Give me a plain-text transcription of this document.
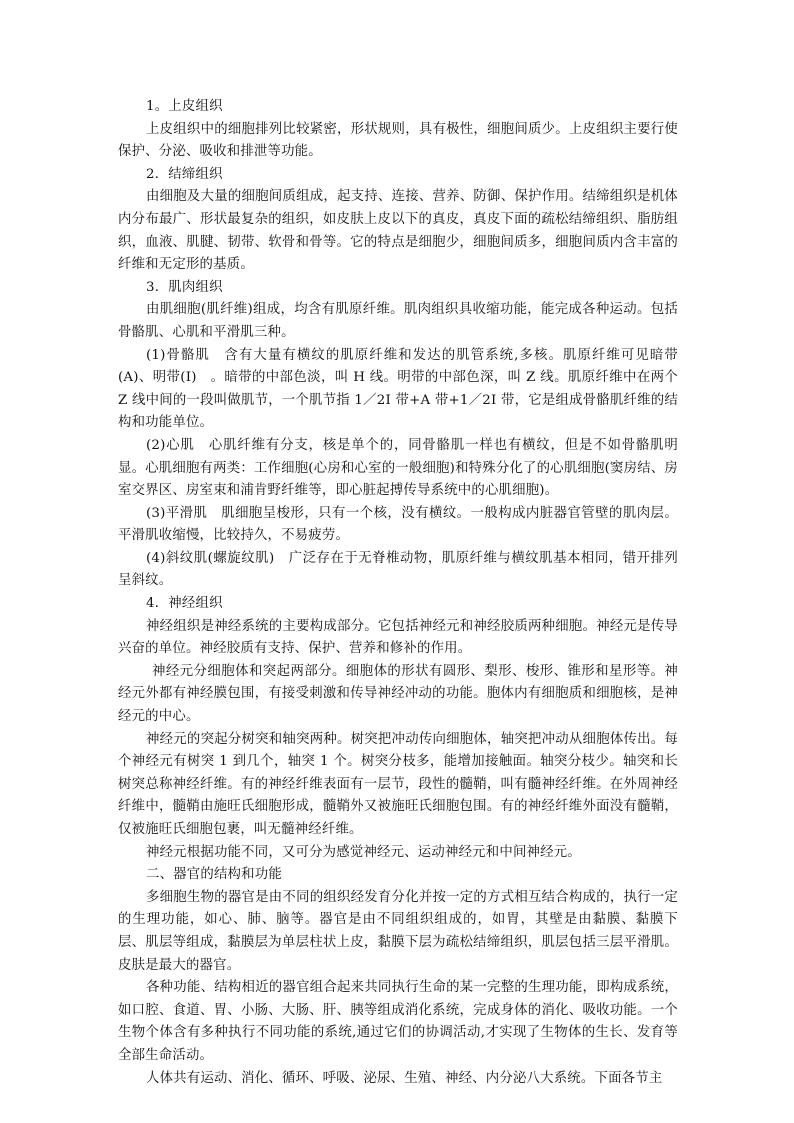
1。上皮组织

上皮组织中的细胞排列比较紧密，形状规则，具有极性，细胞间质少。上皮组织主要行使保护、分泌、吸收和排泄等功能。

2．结缔组织

由细胞及大量的细胞间质组成，起支持、连接、营养、防御、保护作用。结缔组织是机体内分布最广、形状最复杂的组织，如皮肤上皮以下的真皮，真皮下面的疏松结缔组织、脂肪组织，血液、肌腱、韧带、软骨和骨等。它的特点是细胞少，细胞间质多，细胞间质内含丰富的纤维和无定形的基质。

3．肌肉组织

由肌细胞(肌纤维)组成，均含有肌原纤维。肌肉组织具收缩功能，能完成各种运动。包括骨骼肌、心肌和平滑肌三种。

(1)骨骼肌　含有大量有横纹的肌原纤维和发达的肌管系统,多核。肌原纤维可见暗带(A)、明带(I)　。暗带的中部色淡，叫 H 线。明带的中部色深，叫 Z 线。肌原纤维中在两个 Z 线中间的一段叫做肌节，一个肌节指 1／2I 带+A 带+1／2I 带，它是组成骨骼肌纤维的结构和功能单位。

(2)心肌　心肌纤维有分支，核是单个的，同骨骼肌一样也有横纹，但是不如骨骼肌明显。心肌细胞有两类：工作细胞(心房和心室的一般细胞)和特殊分化了的心肌细胞(窦房结、房室交界区、房室束和浦肯野纤维等，即心脏起搏传导系统中的心肌细胞)。

(3)平滑肌　肌细胞呈梭形，只有一个核，没有横纹。一般构成内脏器官管壁的肌肉层。平滑肌收缩慢，比较持久，不易疲劳。

(4)斜纹肌(螺旋纹肌)　广泛存在于无脊椎动物，肌原纤维与横纹肌基本相同，错开排列呈斜纹。

4．神经组织

神经组织是神经系统的主要构成部分。它包括神经元和神经胶质两种细胞。神经元是传导兴奋的单位。神经胶质有支持、保护、营养和修补的作用。

神经元分细胞体和突起两部分。细胞体的形状有圆形、梨形、梭形、锥形和星形等。神经元外都有神经膜包围，有接受刺激和传导神经冲动的功能。胞体内有细胞质和细胞核，是神经元的中心。

神经元的突起分树突和轴突两种。树突把冲动传向细胞体，轴突把冲动从细胞体传出。每个神经元有树突 1 到几个，轴突 1 个。树突分枝多，能增加接触面。轴突分枝少。轴突和长树突总称神经纤维。有的神经纤维表面有一层节，段性的髓鞘，叫有髓神经纤维。在外周神经纤维中，髓鞘由施旺氏细胞形成，髓鞘外又被施旺氏细胞包围。有的神经纤维外面没有髓鞘，仅被施旺氏细胞包裹，叫无髓神经纤维。

神经元根据功能不同，又可分为感觉神经元、运动神经元和中间神经元。

二、器官的结构和功能

多细胞生物的器官是由不同的组织经发育分化并按一定的方式相互结合构成的，执行一定的生理功能，如心、肺、脑等。器官是由不同组织组成的，如胃，其壁是由黏膜、黏膜下　层、肌层等组成，黏膜层为单层柱状上皮，黏膜下层为疏松结缔组织，肌层包括三层平滑肌。皮肤是最大的器官。

各种功能、结构相近的器官组合起来共同执行生命的某一完整的生理功能，即构成系统，如口腔、食道、胃、小肠、大肠、肝、胰等组成消化系统，完成身体的消化、吸收功能。一个生物个体含有多种执行不同功能的系统,通过它们的协调活动,才实现了生物体的生长、发育等全部生命活动。

人体共有运动、消化、循环、呼吸、泌尿、生殖、神经、内分泌八大系统。下面各节主
